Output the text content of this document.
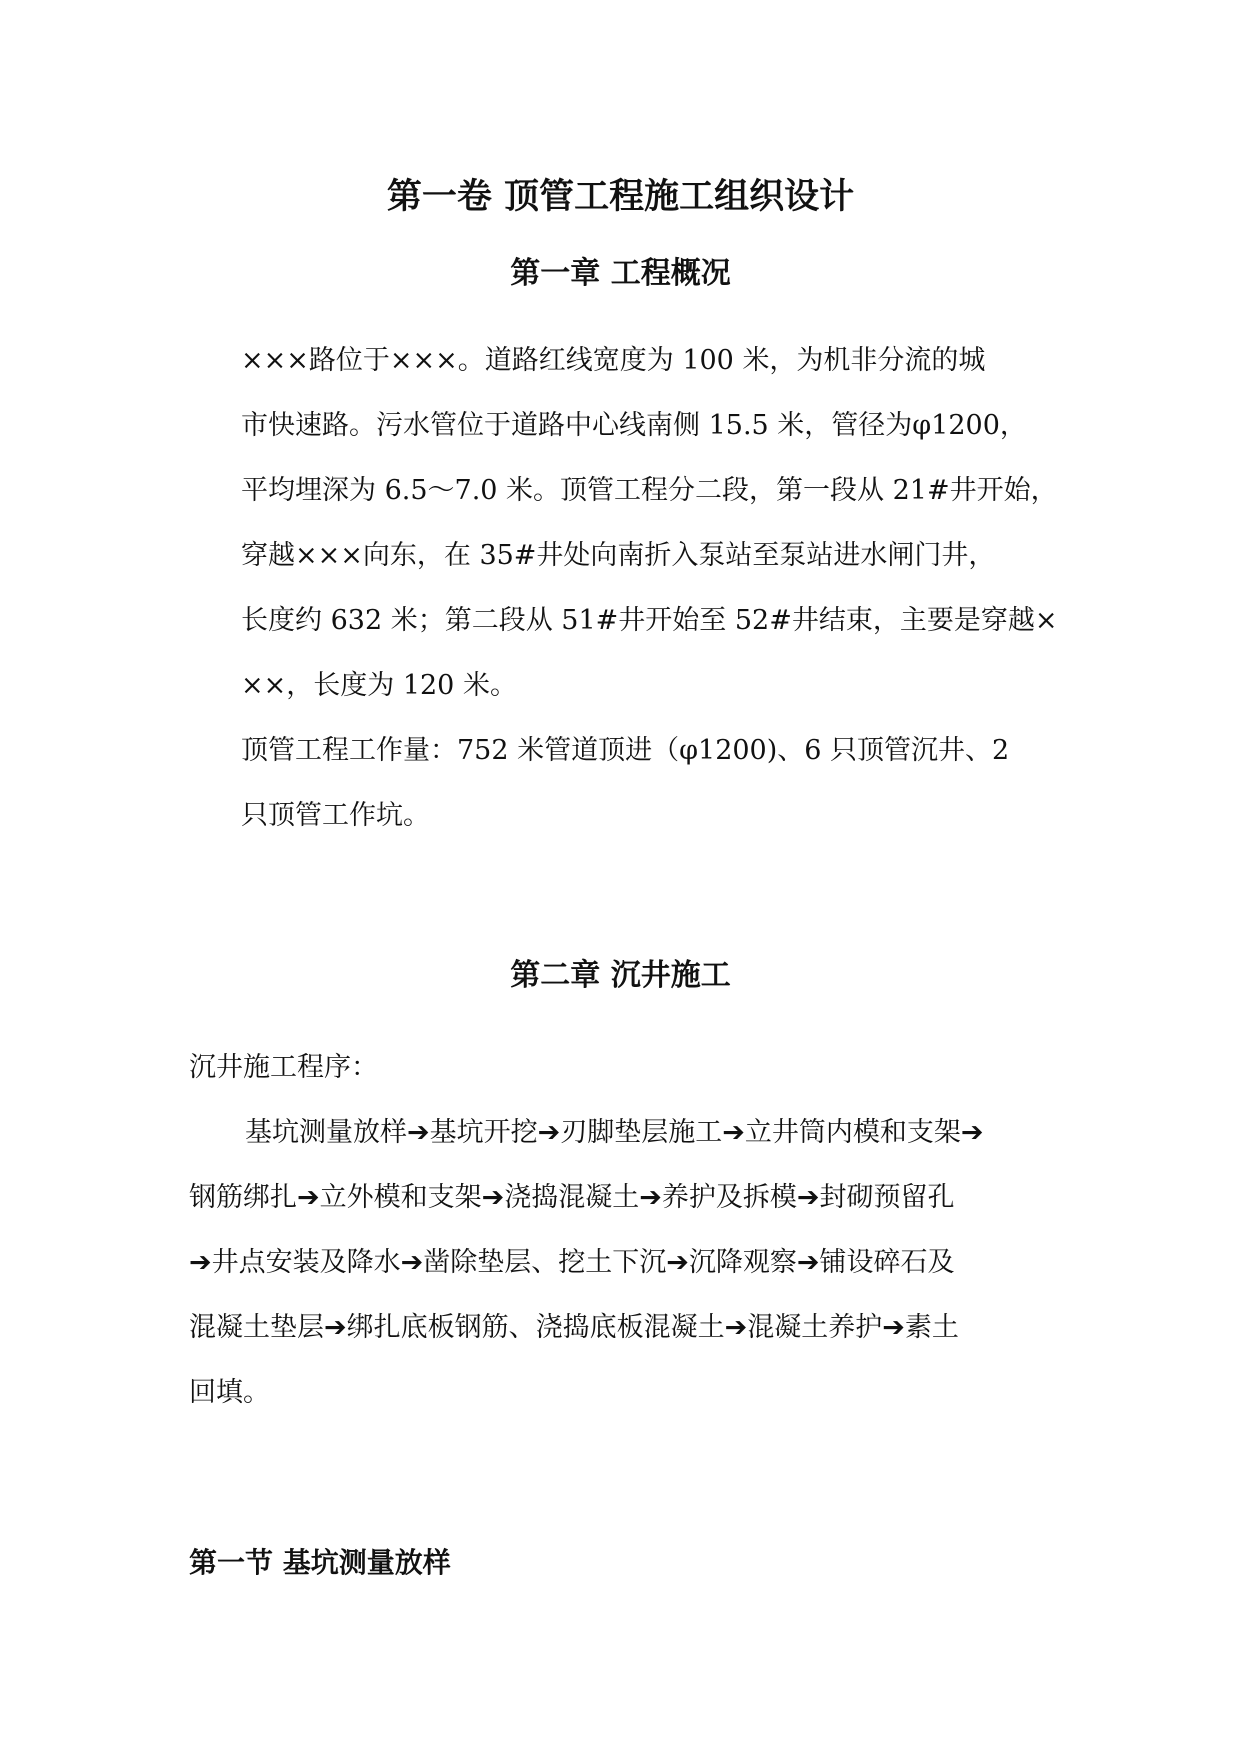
第一卷 顶管工程施工组织设计
第一章 工程概况

×××路位于×××。道路红线宽度为 100 米，为机非分流的城
市快速路。污水管位于道路中心线南侧 15.5 米，管径为φ1200，
平均埋深为 6.5～7.0 米。顶管工程分二段，第一段从 21#井开始，
穿越×××向东，在 35#井处向南折入泵站至泵站进水闸门井，
长度约 632 米；第二段从 51#井开始至 52#井结束，主要是穿越×
××，长度为 120 米。

顶管工程工作量：752 米管道顶进（φ1200)、6 只顶管沉井、2
只顶管工作坑。

第二章 沉井施工

沉井施工程序：

基坑测量放样➔基坑开挖➔刃脚垫层施工➔立井筒内模和支架➔
钢筋绑扎➔立外模和支架➔浇捣混凝土➔养护及拆模➔封砌预留孔
➔井点安装及降水➔凿除垫层、挖土下沉➔沉降观察➔铺设碎石及
混凝土垫层➔绑扎底板钢筋、浇捣底板混凝土➔混凝土养护➔素土
回填。

第一节 基坑测量放样
